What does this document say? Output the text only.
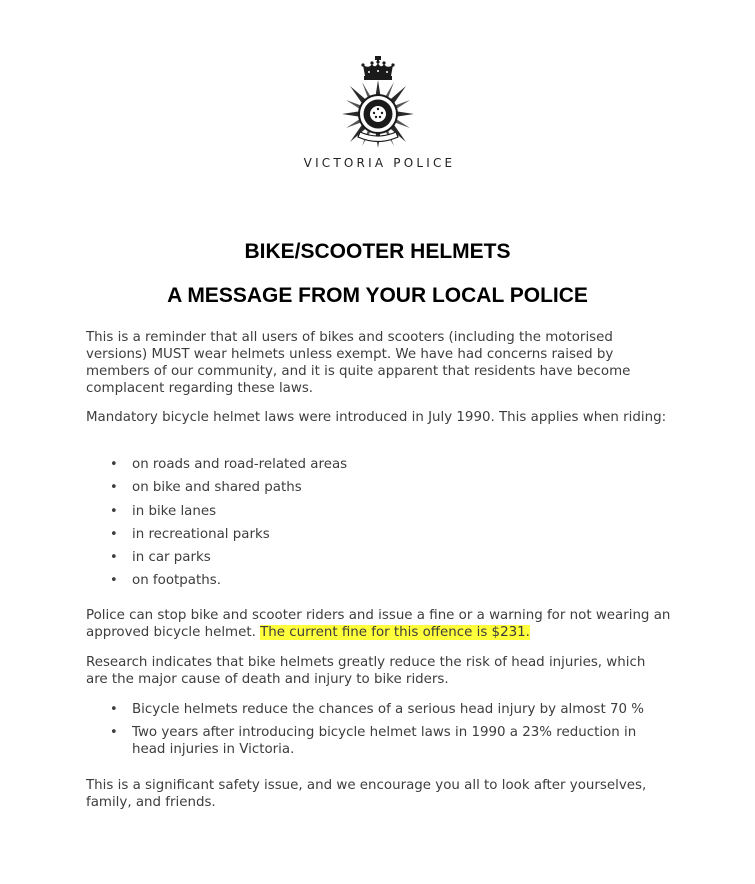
VICTORIA POLICE
BIKE/SCOOTER HELMETS
A MESSAGE FROM YOUR LOCAL POLICE

This is a reminder that all users of bikes and scooters (including the motorised versions) MUST wear helmets unless exempt. We have had concerns raised by members of our community, and it is quite apparent that residents have become complacent regarding these laws.

Mandatory bicycle helmet laws were introduced in July 1990. This applies when riding:

• on roads and road-related areas
• on bike and shared paths
• in bike lanes
• in recreational parks
• in car parks
• on footpaths.

Police can stop bike and scooter riders and issue a fine or a warning for not wearing an approved bicycle helmet. The current fine for this offence is $231.

Research indicates that bike helmets greatly reduce the risk of head injuries, which are the major cause of death and injury to bike riders.

• Bicycle helmets reduce the chances of a serious head injury by almost 70 %
• Two years after introducing bicycle helmet laws in 1990 a 23% reduction in head injuries in Victoria.

This is a significant safety issue, and we encourage you all to look after yourselves, family, and friends.
